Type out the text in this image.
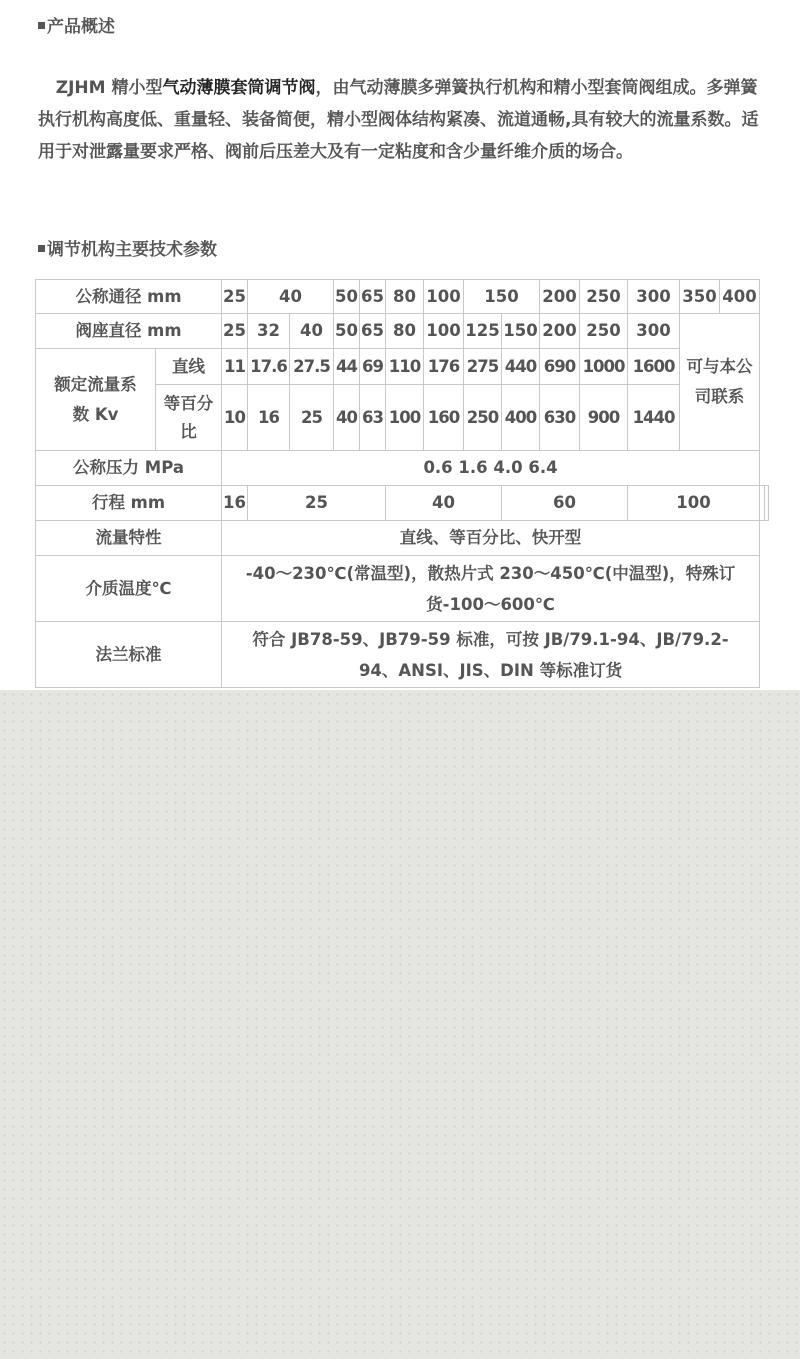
产品概述
ZJHM 精小型气动薄膜套筒调节阀，由气动薄膜多弹簧执行机构和精小型套筒阀组成。多弹簧执行机构高度低、重量轻、装备简便，精小型阀体结构紧凑、流道通畅,具有较大的流量系数。适用于对泄露量要求严格、阀前后压差大及有一定粘度和含少量纤维介质的场合。
调节机构主要技术参数
公称通径 mm		25	40		50	65	80	100	150		200	250	300	350	400		
阀座直径 mm		25	32	40	50	65	80	100	125	150	200	250	300	可与本公司联系			
额定流量系数 Kv	直线	11	17.6	27.5	44	69	110	176	275	440	690	1000	1600				
	等百分比	10	16	25	40	63	100	160	250	400	630	900	1440				
公称压力 MPa		0.6 1.6 4.0 6.4															
行程 mm		16	25				40			60			100				
流量特性		直线、等百分比、快开型															
介质温度℃		-40～230℃(常温型)，散热片式 230～450℃(中温型)，特殊订货-100～600℃															
法兰标准		符合 JB78-59、JB79-59 标准，可按 JB/79.1-94、JB/79.2-94、ANSI、JIS、DIN 等标准订货															
